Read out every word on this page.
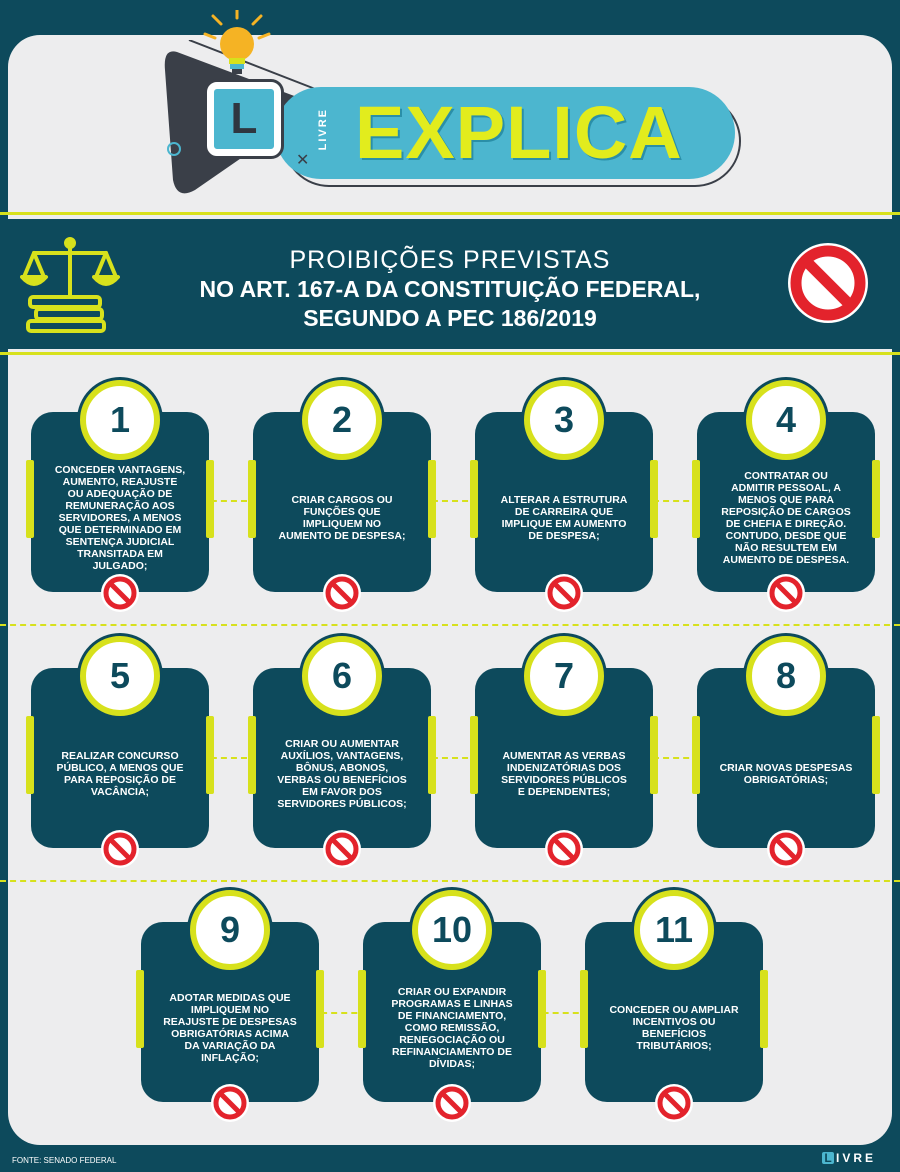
L
✕
LIVRE EXPLICA
PROIBIÇÕES PREVISTAS
NO ART. 167-A DA CONSTITUIÇÃO FEDERAL,
SEGUNDO A PEC 186/2019
1
CONCEDER VANTAGENS,
AUMENTO, REAJUSTE
OU ADEQUAÇÃO DE
REMUNERAÇÃO AOS
SERVIDORES, A MENOS
QUE DETERMINADO EM
SENTENÇA JUDICIAL
TRANSITADA EM
JULGADO;
2
CRIAR CARGOS OU
FUNÇÕES QUE
IMPLIQUEM NO
AUMENTO DE DESPESA;
3
ALTERAR A ESTRUTURA
DE CARREIRA QUE
IMPLIQUE EM AUMENTO
DE DESPESA;
4
CONTRATAR OU
ADMITIR PESSOAL, A
MENOS QUE PARA
REPOSIÇÃO DE CARGOS
DE CHEFIA E DIREÇÃO.
CONTUDO, DESDE QUE
NÃO RESULTEM EM
AUMENTO DE DESPESA.
5
REALIZAR CONCURSO
PÚBLICO, A MENOS QUE
PARA REPOSIÇÃO DE
VACÂNCIA;
6
CRIAR OU AUMENTAR
AUXÍLIOS, VANTAGENS,
BÔNUS, ABONOS,
VERBAS OU BENEFÍCIOS
EM FAVOR DOS
SERVIDORES PÚBLICOS;
7
AUMENTAR AS VERBAS
INDENIZATÓRIAS DOS
SERVIDORES PÚBLICOS
E DEPENDENTES;
8
CRIAR NOVAS DESPESAS
OBRIGATÓRIAS;
9
ADOTAR MEDIDAS QUE
IMPLIQUEM NO
REAJUSTE DE DESPESAS
OBRIGATÓRIAS ACIMA
DA VARIAÇÃO DA
INFLAÇÃO;
10
CRIAR OU EXPANDIR
PROGRAMAS E LINHAS
DE FINANCIAMENTO,
COMO REMISSÃO,
RENEGOCIAÇÃO OU
REFINANCIAMENTO DE
DÍVIDAS;
11
CONCEDER OU AMPLIAR
INCENTIVOS OU
BENEFÍCIOS
TRIBUTÁRIOS;
FONTE: SENADO FEDERAL	L IVRE
